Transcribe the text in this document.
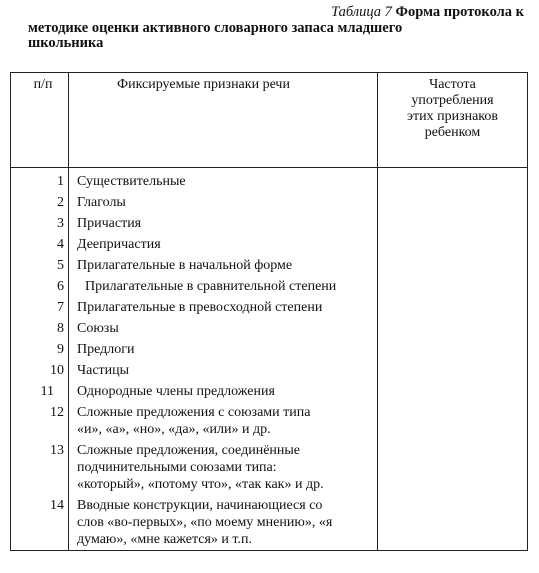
Таблица 7 Форма протокола к
методике оценки активного словарного запаса младшего
школьника
п/п	Фиксируемые признаки речи	Частота
употребления
этих признаков
ребенком

1	Существительные	

2	Глаголы	

3	Причастия	

4	Деепричастия	

5	Прилагательные в начальной форме	

6	Прилагательные в сравнительной степени	

7	Прилагательные в превосходной степени	

8	Союзы	

9	Предлоги	

10	Частицы	

11	Однородные члены предложения	

12	Сложные предложения с союзами типа
«и», «а», «но», «да», «или» и др.	

13	Сложные предложения, соединённые
подчинительными союзами типа:
«который», «потому что», «так как» и др.	

14	Вводные конструкции, начинающиеся со
слов «во-первых», «по моему мнению», «я
думаю», «мне кажется» и т.п.	
